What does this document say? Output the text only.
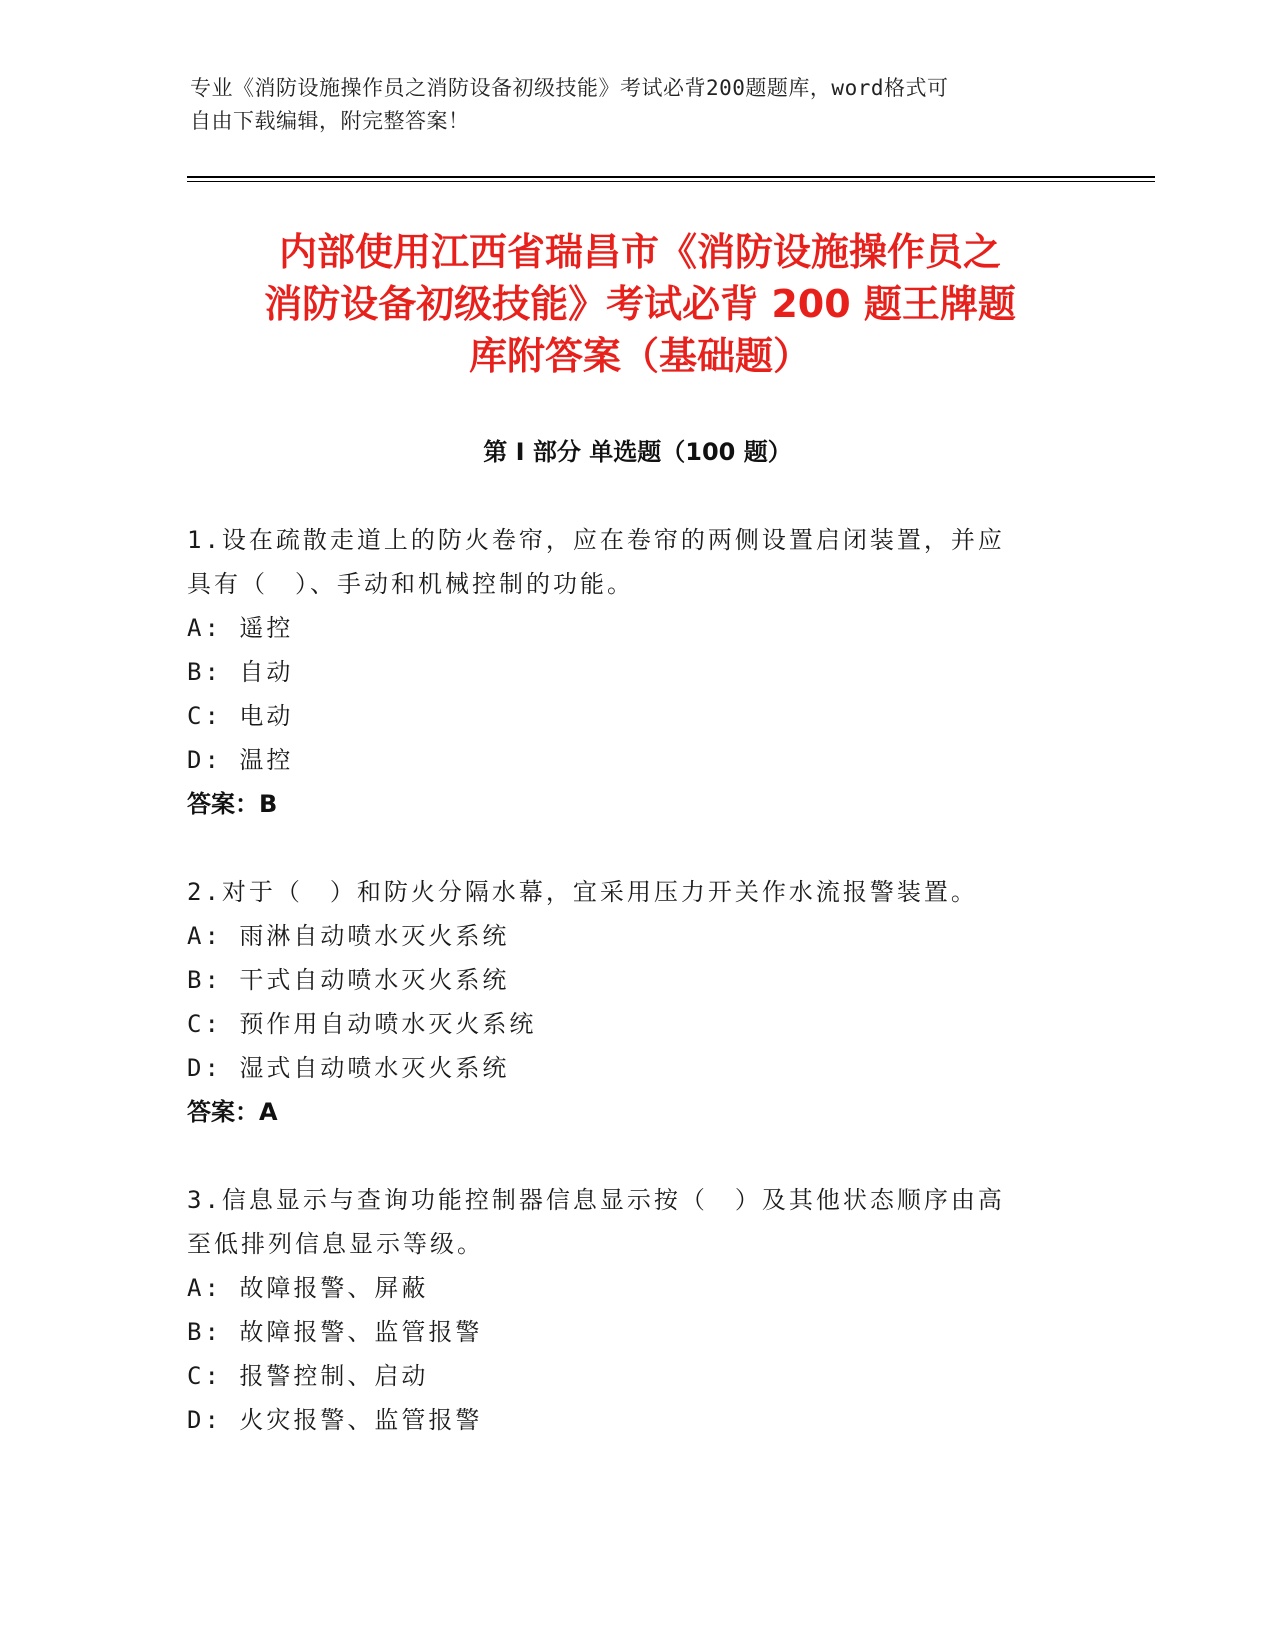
专业《消防设施操作员之消防设备初级技能》考试必背200题题库，word格式可
自由下载编辑，附完整答案！
内部使用江西省瑞昌市《消防设施操作员之
消防设备初级技能》考试必背 200 题王牌题
库附答案（基础题）
第 I 部分 单选题（100 题）
1.设在疏散走道上的防火卷帘，应在卷帘的两侧设置启闭装置，并应
具有（　）、手动和机械控制的功能。
A: 遥控
B: 自动
C: 电动
D: 温控
答案：B
2.对于（　）和防火分隔水幕，宜采用压力开关作水流报警装置。
A: 雨淋自动喷水灭火系统
B: 干式自动喷水灭火系统
C: 预作用自动喷水灭火系统
D: 湿式自动喷水灭火系统
答案：A
3.信息显示与查询功能控制器信息显示按（　）及其他状态顺序由高
至低排列信息显示等级。
A: 故障报警、屏蔽
B: 故障报警、监管报警
C: 报警控制、启动
D: 火灾报警、监管报警
